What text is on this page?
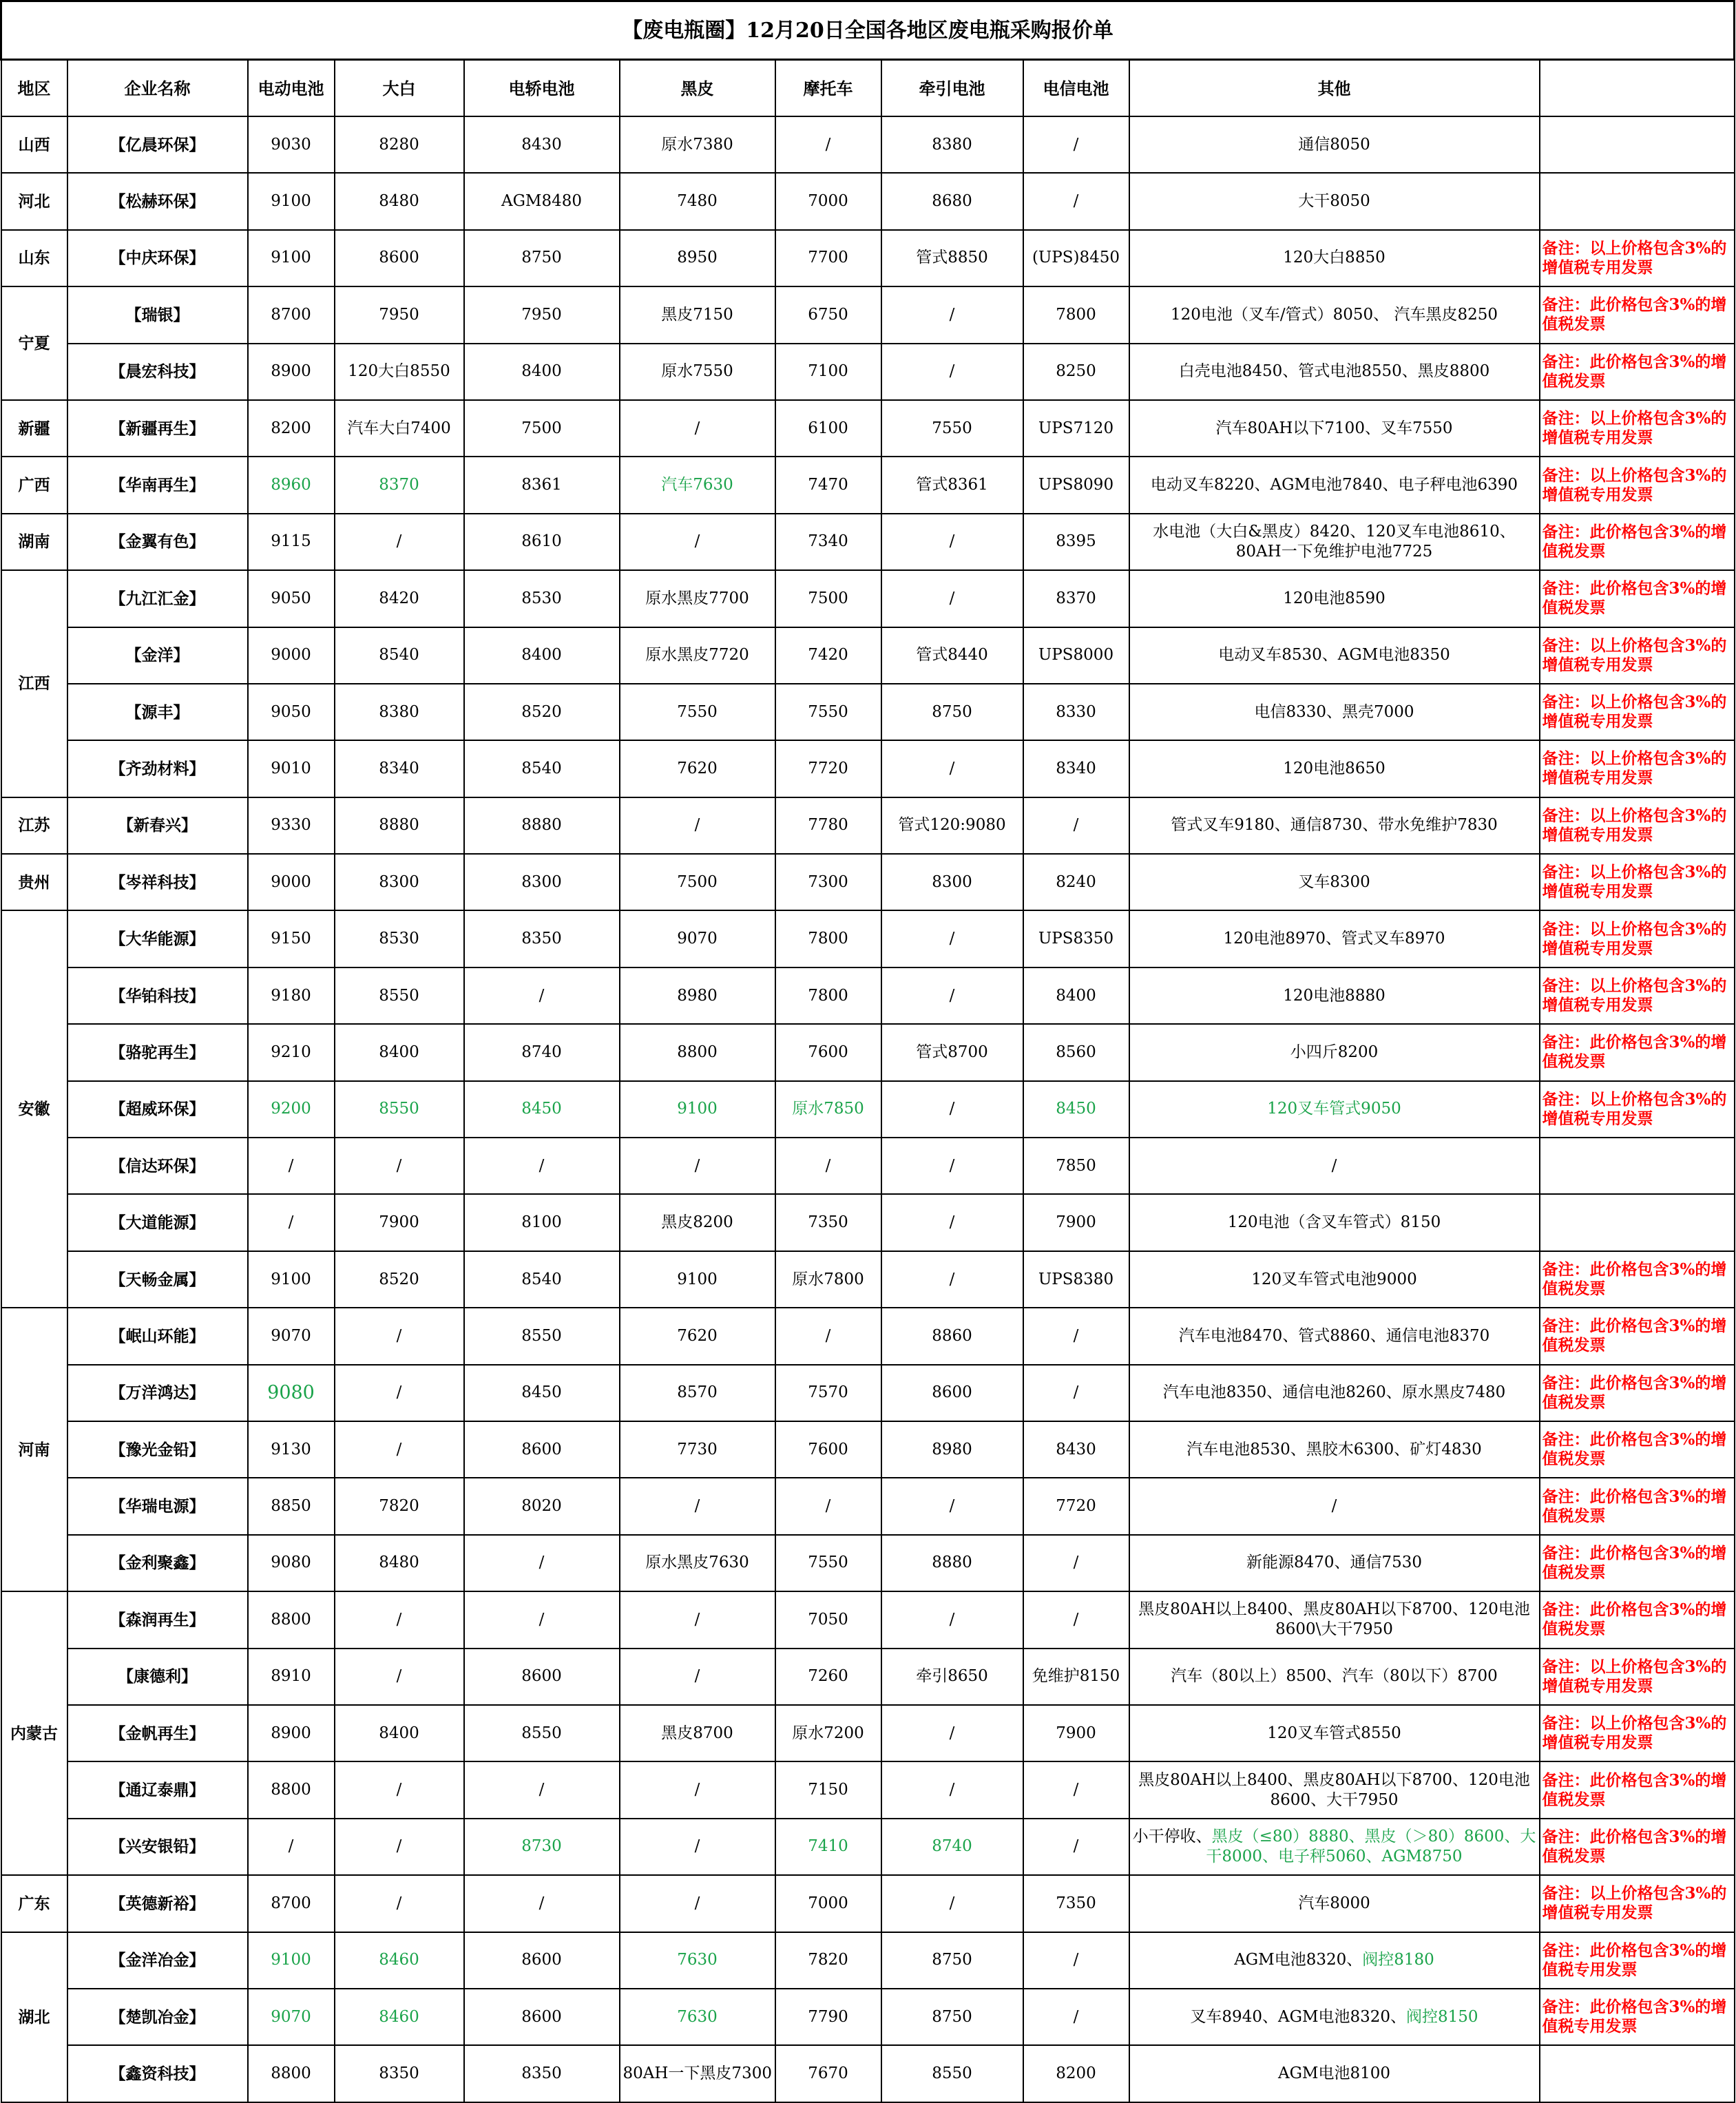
【废电瓶圈】12月20日全国各地区废电瓶采购报价单										
地区	企业名称	电动电池	大白	电轿电池	黑皮	摩托车	牵引电池	电信电池	其他	
山西	【亿晨环保】	9030	8280	8430	原水7380	/	8380	/	通信8050	
河北	【松赫环保】	9100	8480	AGM8480	7480	7000	8680	/	大干8050	
山东	【中庆环保】	9100	8600	8750	8950	7700	管式8850	(UPS)8450	120大白8850	备注：以上价格包含3%的增值税专用发票
宁夏	【瑞银】	8700	7950	7950	黑皮7150	6750	/	7800	120电池（叉车/管式）8050、 汽车黑皮8250	备注：此价格包含3%的增值税发票
	【晨宏科技】	8900	120大白8550	8400	原水7550	7100	/	8250	白壳电池8450、管式电池8550、黑皮8800	备注：此价格包含3%的增值税发票
新疆	【新疆再生】	8200	汽车大白7400	7500	/	6100	7550	UPS7120	汽车80AH以下7100、叉车7550	备注：以上价格包含3%的增值税专用发票
广西	【华南再生】	8960	8370	8361	汽车7630	7470	管式8361	UPS8090	电动叉车8220、AGM电池7840、电子秤电池6390	备注：以上价格包含3%的增值税专用发票
湖南	【金翼有色】	9115	/	8610	/	7340	/	8395	水电池（大白&黑皮）8420、120叉车电池8610、80AH一下免维护电池7725	备注：此价格包含3%的增值税发票
江西	【九江汇金】	9050	8420	8530	原水黑皮7700	7500	/	8370	120电池8590	备注：此价格包含3%的增值税发票
	【金洋】	9000	8540	8400	原水黑皮7720	7420	管式8440	UPS8000	电动叉车8530、AGM电池8350	备注：以上价格包含3%的增值税专用发票
	【源丰】	9050	8380	8520	7550	7550	8750	8330	电信8330、黑壳7000	备注：以上价格包含3%的增值税专用发票
	【齐劲材料】	9010	8340	8540	7620	7720	/	8340	120电池8650	备注：以上价格包含3%的增值税专用发票
江苏	【新春兴】	9330	8880	8880	/	7780	管式120:9080	/	管式叉车9180、通信8730、带水免维护7830	备注：以上价格包含3%的增值税专用发票
贵州	【岑祥科技】	9000	8300	8300	7500	7300	8300	8240	叉车8300	备注：以上价格包含3%的增值税专用发票
安徽	【大华能源】	9150	8530	8350	9070	7800	/	UPS8350	120电池8970、管式叉车8970	备注：以上价格包含3%的增值税专用发票
	【华铂科技】	9180	8550	/	8980	7800	/	8400	120电池8880	备注：以上价格包含3%的增值税专用发票
	【骆驼再生】	9210	8400	8740	8800	7600	管式8700	8560	小四斤8200	备注：此价格包含3%的增值税发票
	【超威环保】	9200	8550	8450	9100	原水7850	/	8450	120叉车管式9050	备注：以上价格包含3%的增值税专用发票
	【信达环保】	/	/	/	/	/	/	7850	/	
	【大道能源】	/	7900	8100	黑皮8200	7350	/	7900	120电池（含叉车管式）8150	
	【天畅金属】	9100	8520	8540	9100	原水7800	/	UPS8380	120叉车管式电池9000	备注：此价格包含3%的增值税发票
河南	【岷山环能】	9070	/	8550	7620	/	8860	/	汽车电池8470、管式8860、通信电池8370	备注：此价格包含3%的增值税发票
	【万洋鸿达】	9080	/	8450	8570	7570	8600	/	汽车电池8350、通信电池8260、原水黑皮7480	备注：此价格包含3%的增值税发票
	【豫光金铅】	9130	/	8600	7730	7600	8980	8430	汽车电池8530、黑胶木6300、矿灯4830	备注：此价格包含3%的增值税发票
	【华瑞电源】	8850	7820	8020	/	/	/	7720	/	备注：此价格包含3%的增值税发票
	【金利聚鑫】	9080	8480	/	原水黑皮7630	7550	8880	/	新能源8470、通信7530	备注：此价格包含3%的增值税发票
内蒙古	【森润再生】	8800	/	/	/	7050	/	/	黑皮80AH以上8400、黑皮80AH以下8700、120电池8600\大干7950	备注：此价格包含3%的增值税发票
	【康德利】	8910	/	8600	/	7260	牵引8650	免维护8150	汽车（80以上）8500、汽车（80以下）8700	备注：以上价格包含3%的增值税专用发票
	【金帆再生】	8900	8400	8550	黑皮8700	原水7200	/	7900	120叉车管式8550	备注：以上价格包含3%的增值税专用发票
	【通辽泰鼎】	8800	/	/	/	7150	/	/	黑皮80AH以上8400、黑皮80AH以下8700、120电池8600、大干7950	备注：此价格包含3%的增值税发票
	【兴安银铅】	/	/	8730	/	7410	8740	/	小干停收、黑皮（≤80）8880、黑皮（＞80）8600、大干8000、电子秤5060、AGM8750	备注：此价格包含3%的增值税发票
广东	【英德新裕】	8700	/	/	/	7000	/	7350	汽车8000	备注：以上价格包含3%的增值税专用发票
湖北	【金洋冶金】	9100	8460	8600	7630	7820	8750	/	AGM电池8320、阀控8180	备注：此价格包含3%的增值税专用发票
	【楚凯冶金】	9070	8460	8600	7630	7790	8750	/	叉车8940、AGM电池8320、阀控8150	备注：此价格包含3%的增值税专用发票
	【鑫资科技】	8800	8350	8350	80AH一下黑皮7300	7670	8550	8200	AGM电池8100	
